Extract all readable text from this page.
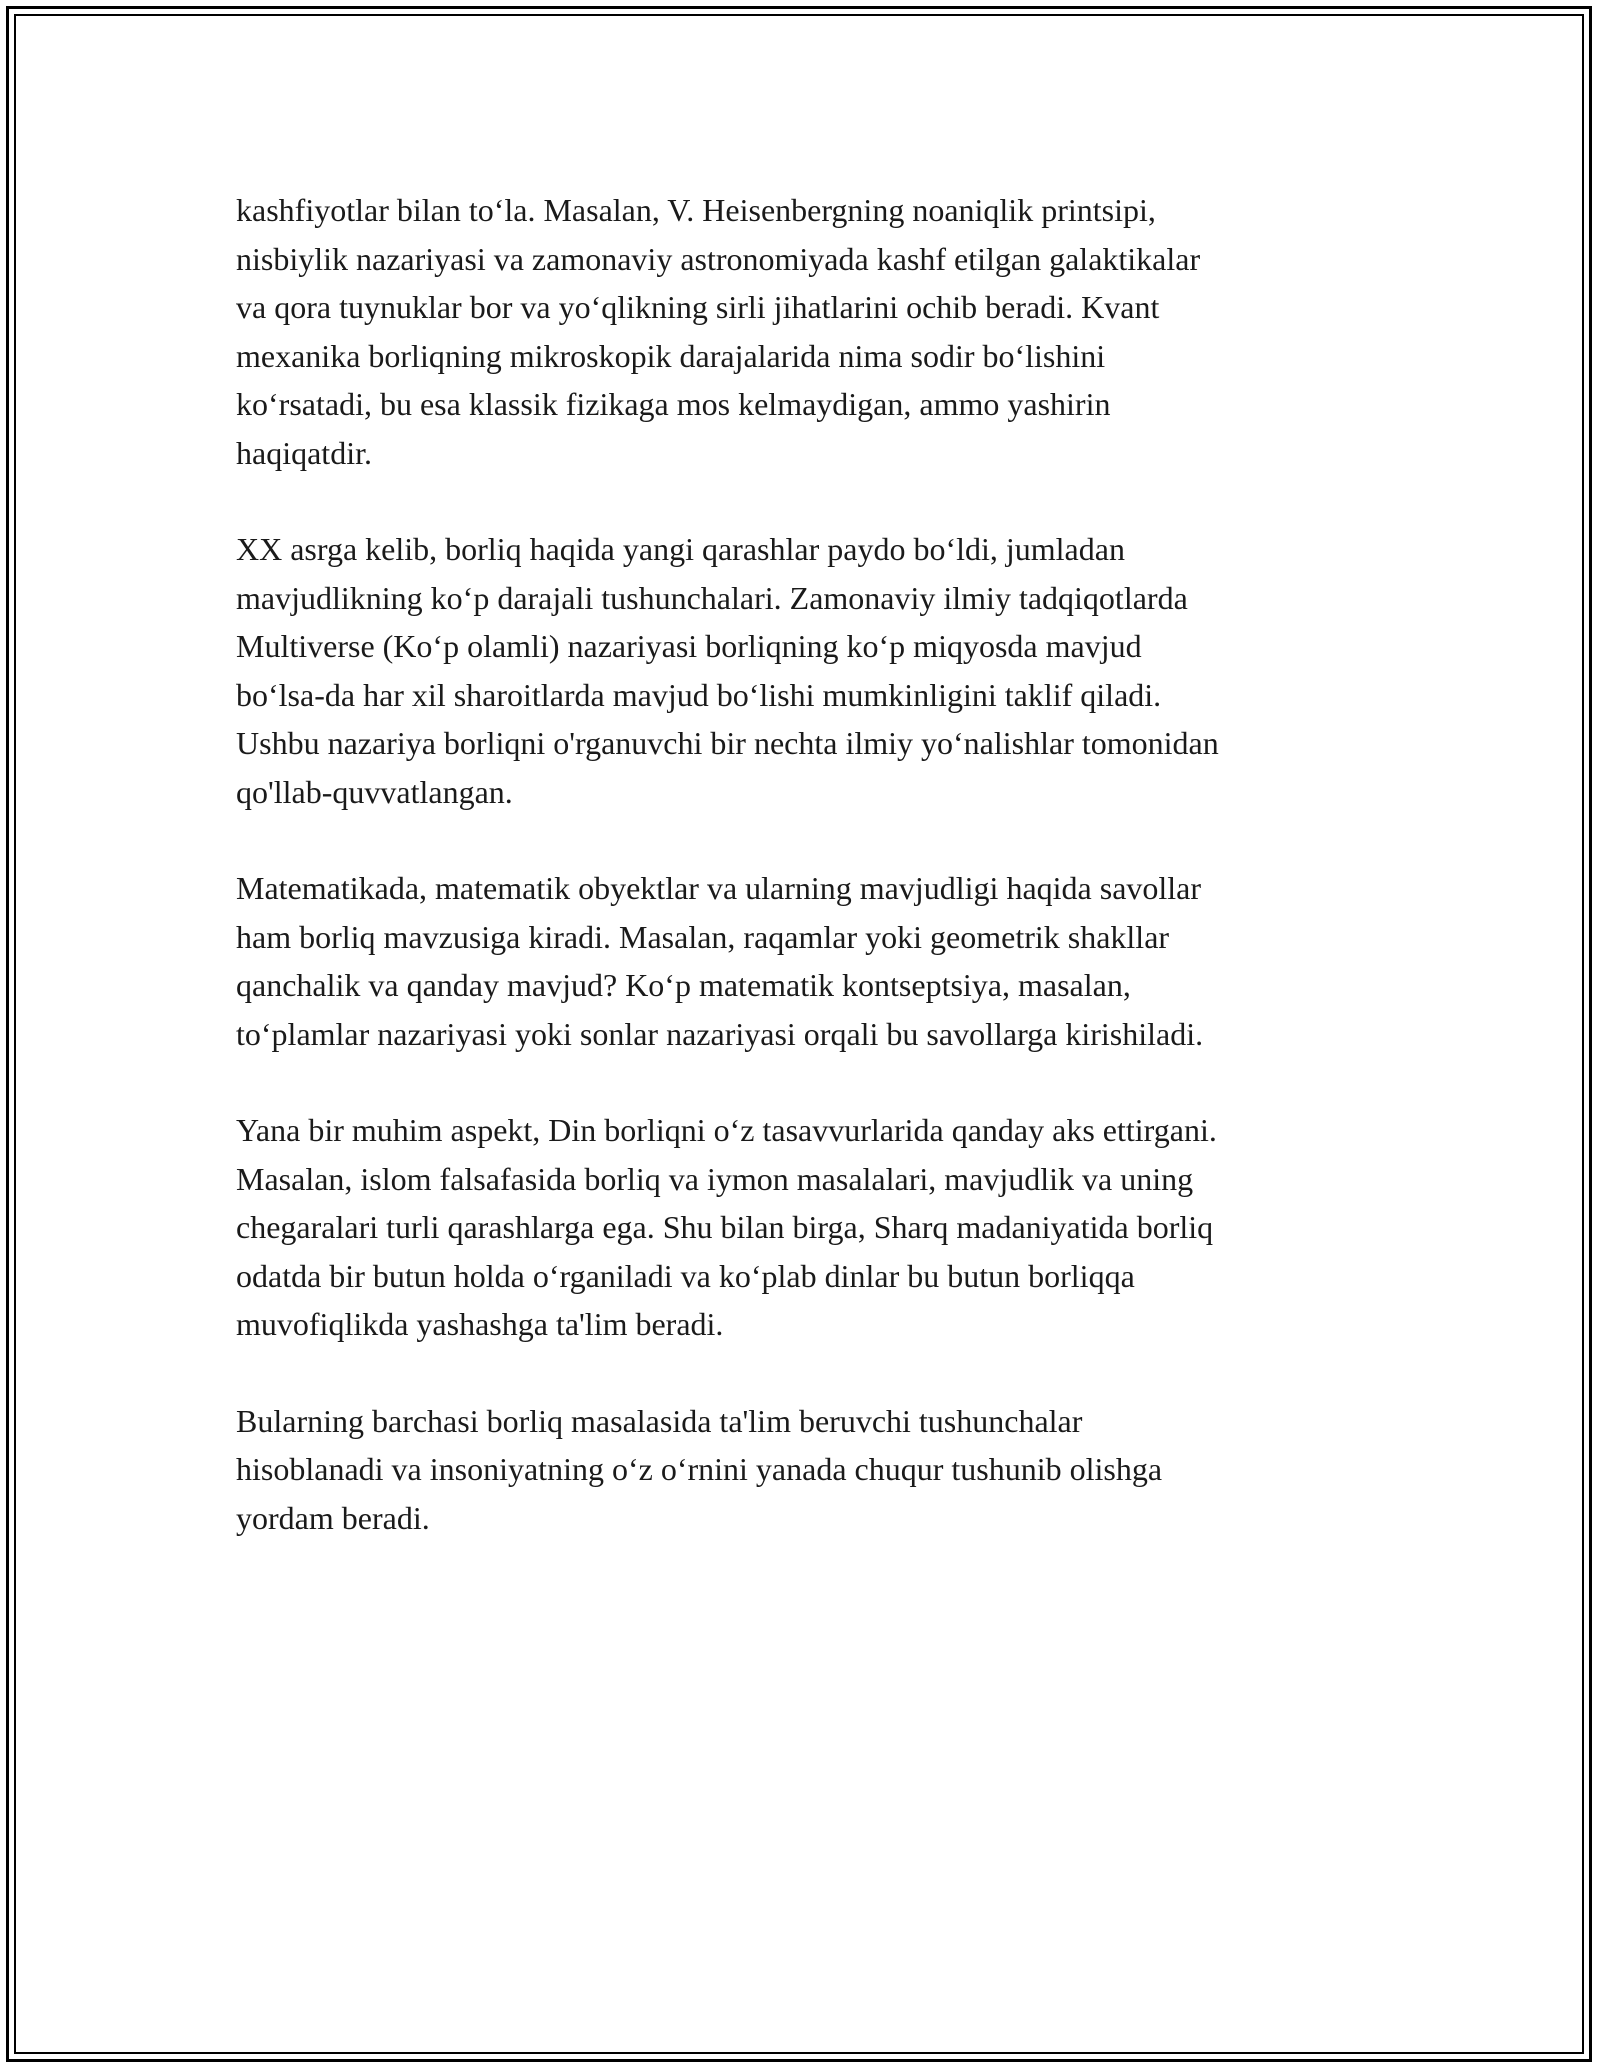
kashfiyotlar bilan to‘la. Masalan, V. Heisenbergning noaniqlik printsipi,
nisbiylik nazariyasi va zamonaviy astronomiyada kashf etilgan galaktikalar
va qora tuynuklar bor va yo‘qlikning sirli jihatlarini ochib beradi. Kvant
mexanika borliqning mikroskopik darajalarida nima sodir bo‘lishini
ko‘rsatadi, bu esa klassik fizikaga mos kelmaydigan, ammo yashirin
haqiqatdir.

XX asrga kelib, borliq haqida yangi qarashlar paydo bo‘ldi, jumladan
mavjudlikning ko‘p darajali tushunchalari. Zamonaviy ilmiy tadqiqotlarda
Multiverse (Ko‘p olamli) nazariyasi borliqning ko‘p miqyosda mavjud
bo‘lsa-da har xil sharoitlarda mavjud bo‘lishi mumkinligini taklif qiladi.
Ushbu nazariya borliqni o'rganuvchi bir nechta ilmiy yo‘nalishlar tomonidan
qo'llab-quvvatlangan.

Matematikada, matematik obyektlar va ularning mavjudligi haqida savollar
ham borliq mavzusiga kiradi. Masalan, raqamlar yoki geometrik shakllar
qanchalik va qanday mavjud? Ko‘p matematik kontseptsiya, masalan,
to‘plamlar nazariyasi yoki sonlar nazariyasi orqali bu savollarga kirishiladi.

Yana bir muhim aspekt, Din borliqni o‘z tasavvurlarida qanday aks ettirgani.
Masalan, islom falsafasida borliq va iymon masalalari, mavjudlik va uning
chegaralari turli qarashlarga ega. Shu bilan birga, Sharq madaniyatida borliq
odatda bir butun holda o‘rganiladi va ko‘plab dinlar bu butun borliqqa
muvofiqlikda yashashga ta'lim beradi.

Bularning barchasi borliq masalasida ta'lim beruvchi tushunchalar
hisoblanadi va insoniyatning o‘z o‘rnini yanada chuqur tushunib olishga
yordam beradi.
